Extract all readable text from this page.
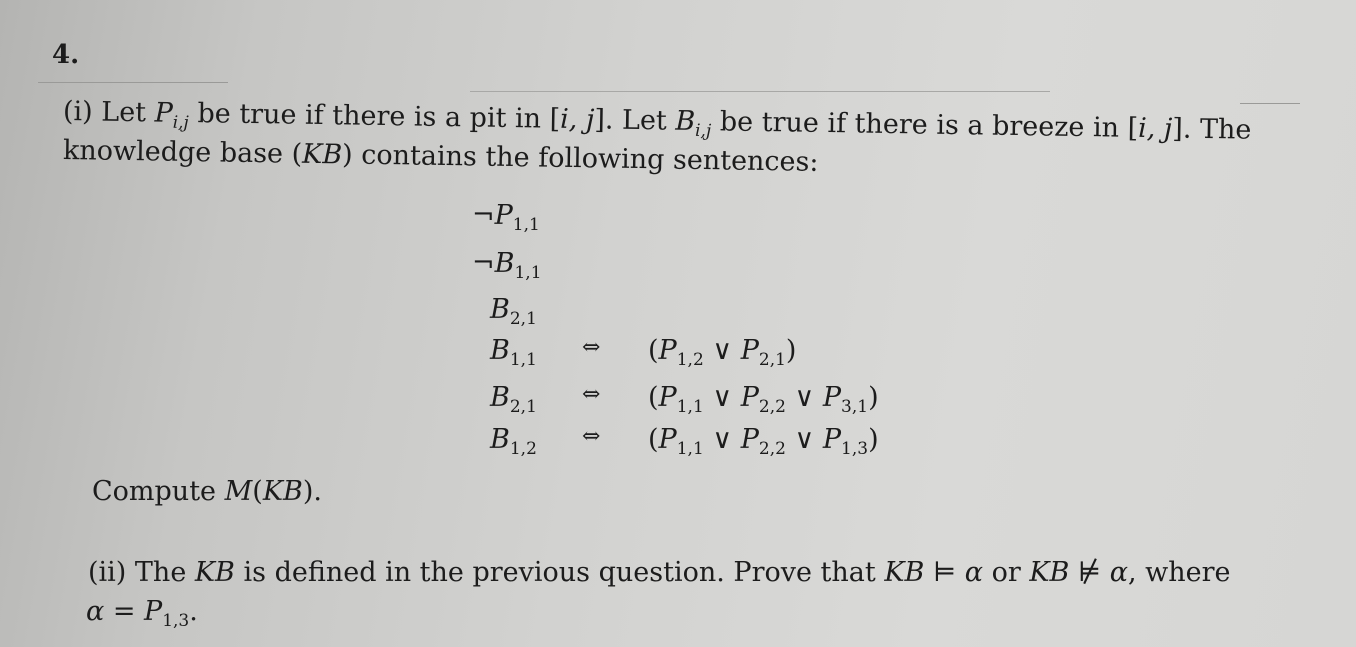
4.
(i) Let $P_{i,j}$ be true if there is a pit in [i, j]. Let $B_{i,j}$ be true if there is a breeze in [i, j]. The
knowledge base (KB) contains the following sentences:
$\neg P_{1,1}$
$\neg B_{1,1}$
$B_{2,1}$
$B_{1,1}$ ⇔ ($P_{1,2}$ ∨ $P_{2,1}$)
$B_{2,1}$ ⇔ ($P_{1,1}$ ∨ $P_{2,2}$ ∨ $P_{3,1}$)
$B_{1,2}$ ⇔ ($P_{1,1}$ ∨ $P_{2,2}$ ∨ $P_{1,3}$)
Compute M(KB).
(ii) The KB is defined in the previous question. Prove that KB ⊨ α or KB ⊭ α, where
$\alpha = P_{1,3}$.
